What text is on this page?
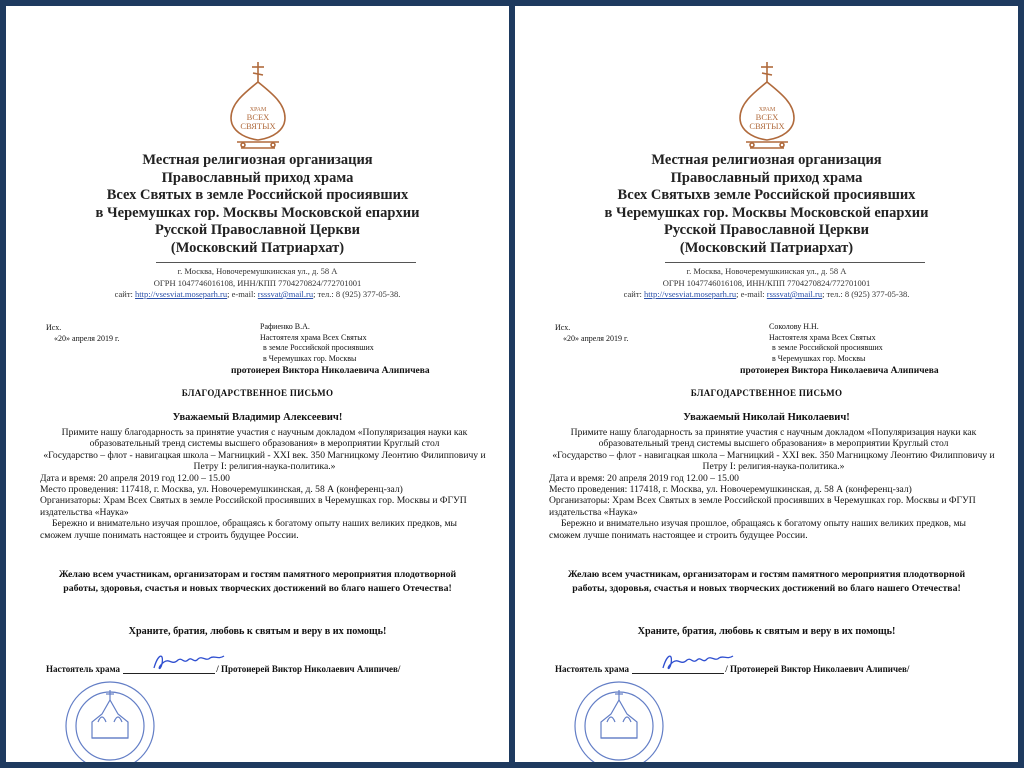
ХРАМ
ВСЕХ
СВЯТЫХ
Местная религиозная организация
Православный приход храма
Всех Святых в земле Российской просиявших
в Черемушках гор. Москвы Московской епархии
Русской Православной Церкви
(Московский Патриархат)
г. Москва, Новочеремушкинская ул., д. 58 А
ОГРН 1047746016108, ИНН/КПП 7704270824/772701001
сайт: http://vsesviat.moseparh.ru; e-mail: rsssvat@mail.ru; тел.: 8 (925) 377-05-38.
Исх.
«20» апреля 2019 г.
Рафиенко В.А.
Настоятеля храма Всех Святых
в земле Российской просиявших
в Черемушках гор. Москвы
протоиерея Виктора Николаевича Алипичева
БЛАГОДАРСТВЕННОЕ ПИСЬМО
Уважаемый Владимир Алексеевич!
Примите нашу благодарность за принятие участия с научным докладом «Популяризация науки как образовательный тренд системы высшего образования» в мероприятии Круглый стол
«Государство – флот - навигацкая школа – Магницкий - XXI век. 350 Магницкому Леонтию Филипповичу и Петру I: религия-наука-политика.»
Дата и время: 20 апреля 2019 год 12.00 – 15.00
Место проведения: 117418, г. Москва, ул. Новочеремушкинская, д. 58 А (конференц-зал)
Организаторы: Храм Всех Святых в земле Российской просиявших в Черемушках гор. Москвы и ФГУП издательства «Наука»
Бережно и внимательно изучая прошлое, обращаясь к богатому опыту наших великих предков, мы сможем лучше понимать настоящее и строить будущее России.
Желаю всем участникам, организаторам и гостям памятного мероприятия плодотворной работы, здоровья, счастья и новых творческих достижений во благо нашего Отечества!
Храните, братия, любовь к святым и веру в их помощь!
Настоятель храма	/ Протоиерей Виктор Николаевич Алипичев/
ХРАМ
ВСЕХ
СВЯТЫХ
Местная религиозная организация
Православный приход храма
Всех Святыхв земле Российской просиявших
в Черемушках гор. Москвы Московской епархии
Русской Православной Церкви
(Московский Патриархат)
г. Москва, Новочеремушкинская ул., д. 58 А
ОГРН 1047746016108, ИНН/КПП 7704270824/772701001
сайт: http://vsesviat.moseparh.ru; e-mail: rsssvat@mail.ru; тел.: 8 (925) 377-05-38.
Исх.
«20» апреля 2019 г.
Соколову Н.Н.
Настоятеля храма Всех Святых
в земле Российской просиявших
в Черемушках гор. Москвы
протоиерея Виктора Николаевича Алипичева
БЛАГОДАРСТВЕННОЕ ПИСЬМО
Уважаемый Николай Николаевич!
Примите нашу благодарность за принятие участия с научным докладом «Популяризация науки как образовательный тренд системы высшего образования» в мероприятии Круглый стол
«Государство – флот - навигацкая школа – Магницкий - XXI век. 350 Магницкому Леонтию Филипповичу и Петру I: религия-наука-политика.»
Дата и время: 20 апреля 2019 год 12.00 – 15.00
Место проведения: 117418, г. Москва, ул. Новочеремушкинская, д. 58 А (конференц-зал)
Организаторы: Храм Всех Святых в земле Российской просиявших в Черемушках гор. Москвы и ФГУП издательства «Наука»
Бережно и внимательно изучая прошлое, обращаясь к богатому опыту наших великих предков, мы сможем лучше понимать настоящее и строить будущее России.
Желаю всем участникам, организаторам и гостям памятного мероприятия плодотворной работы, здоровья, счастья и новых творческих достижений во благо нашего Отечества!
Храните, братия, любовь к святым и веру в их помощь!
Настоятель храма	/ Протоиерей Виктор Николаевич Алипичев/
